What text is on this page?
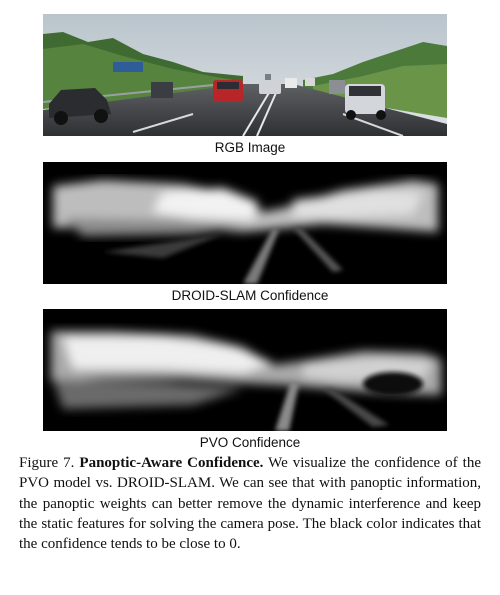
RGB Image
DROID-SLAM Confidence
PVO Confidence
Figure 7. Panoptic-Aware Confidence. We visualize the confidence of the PVO model vs. DROID-SLAM. We can see that with panoptic information, the panoptic weights can better remove the dynamic interference and keep the static features for solving the camera pose. The black color indicates that the confidence tends to be close to 0.
